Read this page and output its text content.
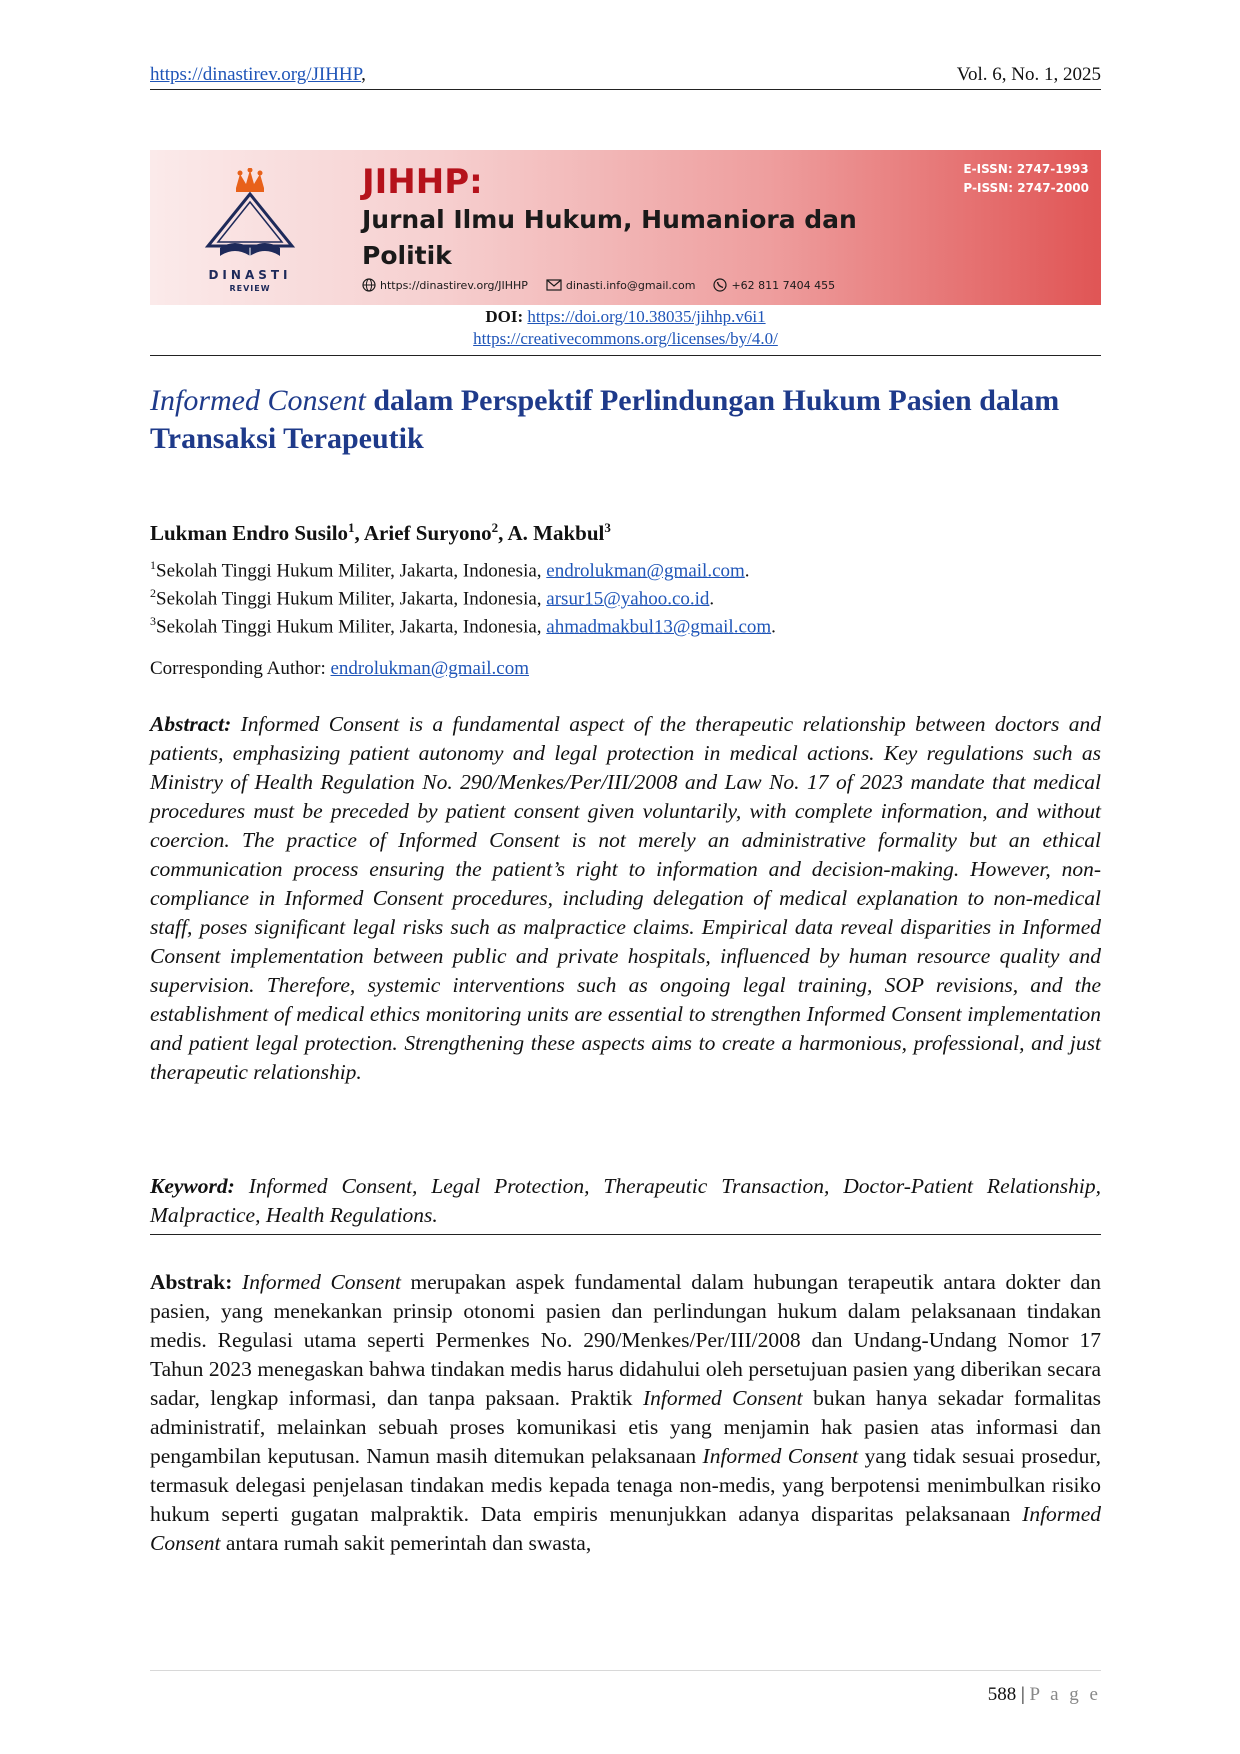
https://dinastirev.org/JIHHP,	Vol. 6, No. 1, 2025
DINASTI
REVIEW
JIHHP:
Jurnal Ilmu Hukum, Humaniora dan Politik
E-ISSN: 2747-1993
P-ISSN: 2747-2000
https://dinastirev.org/JIHHP	dinasti.info@gmail.com	+62 811 7404 455
DOI: https://doi.org/10.38035/jihhp.v6i1
https://creativecommons.org/licenses/by/4.0/
Informed Consent dalam Perspektif Perlindungan Hukum Pasien dalam Transaksi Terapeutik
Lukman Endro Susilo$^1$, Arief Suryono$^2$, A. Makbul$^3$
$^1$Sekolah Tinggi Hukum Militer, Jakarta, Indonesia, endrolukman@gmail.com.
$^2$Sekolah Tinggi Hukum Militer, Jakarta, Indonesia, arsur15@yahoo.co.id.
$^3$Sekolah Tinggi Hukum Militer, Jakarta, Indonesia, ahmadmakbul13@gmail.com.
Corresponding Author: endrolukman@gmail.com
Abstract: Informed Consent is a fundamental aspect of the therapeutic relationship between doctors and patients, emphasizing patient autonomy and legal protection in medical actions. Key regulations such as Ministry of Health Regulation No. 290/Menkes/Per/III/2008 and Law No. 17 of 2023 mandate that medical procedures must be preceded by patient consent given voluntarily, with complete information, and without coercion. The practice of Informed Consent is not merely an administrative formality but an ethical communication process ensuring the patient’s right to information and decision-making. However, non-compliance in Informed Consent procedures, including delegation of medical explanation to non-medical staff, poses significant legal risks such as malpractice claims. Empirical data reveal disparities in Informed Consent implementation between public and private hospitals, influenced by human resource quality and supervision. Therefore, systemic interventions such as ongoing legal training, SOP revisions, and the establishment of medical ethics monitoring units are essential to strengthen Informed Consent implementation and patient legal protection. Strengthening these aspects aims to create a harmonious, professional, and just therapeutic relationship.
Keyword: Informed Consent, Legal Protection, Therapeutic Transaction, Doctor-Patient Relationship, Malpractice, Health Regulations.
Abstrak: Informed Consent merupakan aspek fundamental dalam hubungan terapeutik antara dokter dan pasien, yang menekankan prinsip otonomi pasien dan perlindungan hukum dalam pelaksanaan tindakan medis. Regulasi utama seperti Permenkes No. 290/Menkes/Per/III/2008 dan Undang-Undang Nomor 17 Tahun 2023 menegaskan bahwa tindakan medis harus didahului oleh persetujuan pasien yang diberikan secara sadar, lengkap informasi, dan tanpa paksaan. Praktik Informed Consent bukan hanya sekadar formalitas administratif, melainkan sebuah proses komunikasi etis yang menjamin hak pasien atas informasi dan pengambilan keputusan. Namun masih ditemukan pelaksanaan Informed Consent yang tidak sesuai prosedur, termasuk delegasi penjelasan tindakan medis kepada tenaga non-medis, yang berpotensi menimbulkan risiko hukum seperti gugatan malpraktik. Data empiris menunjukkan adanya disparitas pelaksanaan Informed Consent antara rumah sakit pemerintah dan swasta,
588 | P a g e
